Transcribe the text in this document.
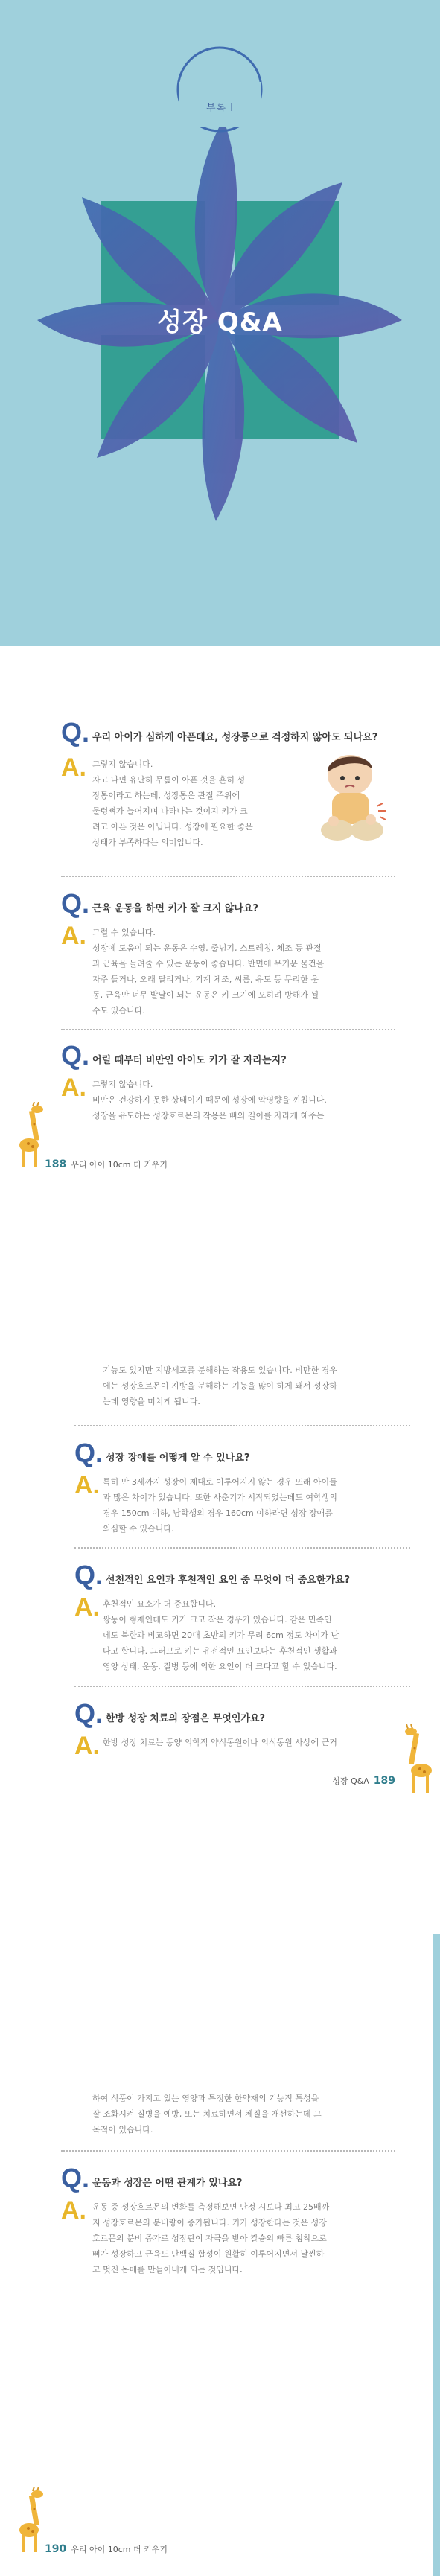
부록 I
성장 Q&A
Q. 우리 아이가 심하게 아픈데요, 성장통으로 걱정하지 않아도 되나요?
A. 그렇지 않습니다.

자고 나면 유난히 무릎이 아픈 것을 흔히 성

장통이라고 하는데, 성장통은 관절 주위에

물렁뼈가 늘어지며 나타나는 것이지 키가 크

려고 아픈 것은 아닙니다. 성장에 필요한 좋은

상태가 부족하다는 의미입니다.

Q. 근육 운동을 하면 키가 잘 크지 않나요?
A. 그럴 수 있습니다.

성장에 도움이 되는 운동은 수영, 줄넘기, 스트레칭, 체조 등 관절

과 근육을 늘려줄 수 있는 운동이 좋습니다. 반면에 무거운 물건을

자주 들거나, 오래 달리거나, 기계 체조, 씨름, 유도 등 무리한 운

동, 근육만 너무 발달이 되는 운동은 키 크기에 오히려 방해가 될

수도 있습니다.

Q. 어릴 때부터 비만인 아이도 키가 잘 자라는지?
A. 그렇지 않습니다.

비만은 건강하지 못한 상태이기 때문에 성장에 악영향을 끼칩니다.

성장을 유도하는 성장호르몬의 작용은 뼈의 길이를 자라게 해주는

188 우리 아이 10cm 더 키우기

기능도 있지만 지방세포를 분해하는 작용도 있습니다. 비만한 경우

에는 성장호르몬이 지방을 분해하는 기능을 많이 하게 돼서 성장하

는데 영향을 미치게 됩니다.

Q. 성장 장애를 어떻게 알 수 있나요?
A. 특히 만 3세까지 성장이 제대로 이루어지지 않는 경우 또래 아이들

과 많은 차이가 있습니다. 또한 사춘기가 시작되었는데도 여학생의

경우 150cm 이하, 남학생의 경우 160cm 이하라면 성장 장애를

의심할 수 있습니다.

Q. 선천적인 요인과 후천적인 요인 중 무엇이 더 중요한가요?
A. 후천적인 요소가 더 중요합니다.

쌍둥이 형제인데도 키가 크고 작은 경우가 있습니다. 같은 민족인

데도 북한과 비교하면 20대 초반의 키가 무려 6cm 정도 차이가 난

다고 합니다. 그러므로 키는 유전적인 요인보다는 후천적인 생활과

영양 상태, 운동, 질병 등에 의한 요인이 더 크다고 할 수 있습니다.

Q. 한방 성장 치료의 장점은 무엇인가요?
A. 한방 성장 치료는 동양 의학적 약식동원이나 의식동원 사상에 근거

성장 Q&A 189

하여 식품이 가지고 있는 영양과 특정한 한약재의 기능적 특성을

잘 조화시켜 질병을 예방, 또는 치료하면서 체질을 개선하는데 그

목적이 있습니다.

Q. 운동과 성장은 어떤 관계가 있나요?
A. 운동 중 성장호르몬의 변화를 측정해보면 단정 시보다 최고 25배까

지 성장호르몬의 분비량이 증가됩니다. 키가 성장한다는 것은 성장

호르몬의 분비 증가로 성장판이 자극을 받아 칼슘의 빠른 침착으로

뼈가 성장하고 근육도 단백질 합성이 원활히 이루어지면서 날씬하

고 멋진 몸매를 만들어내게 되는 것입니다.

190 우리 아이 10cm 더 키우기
